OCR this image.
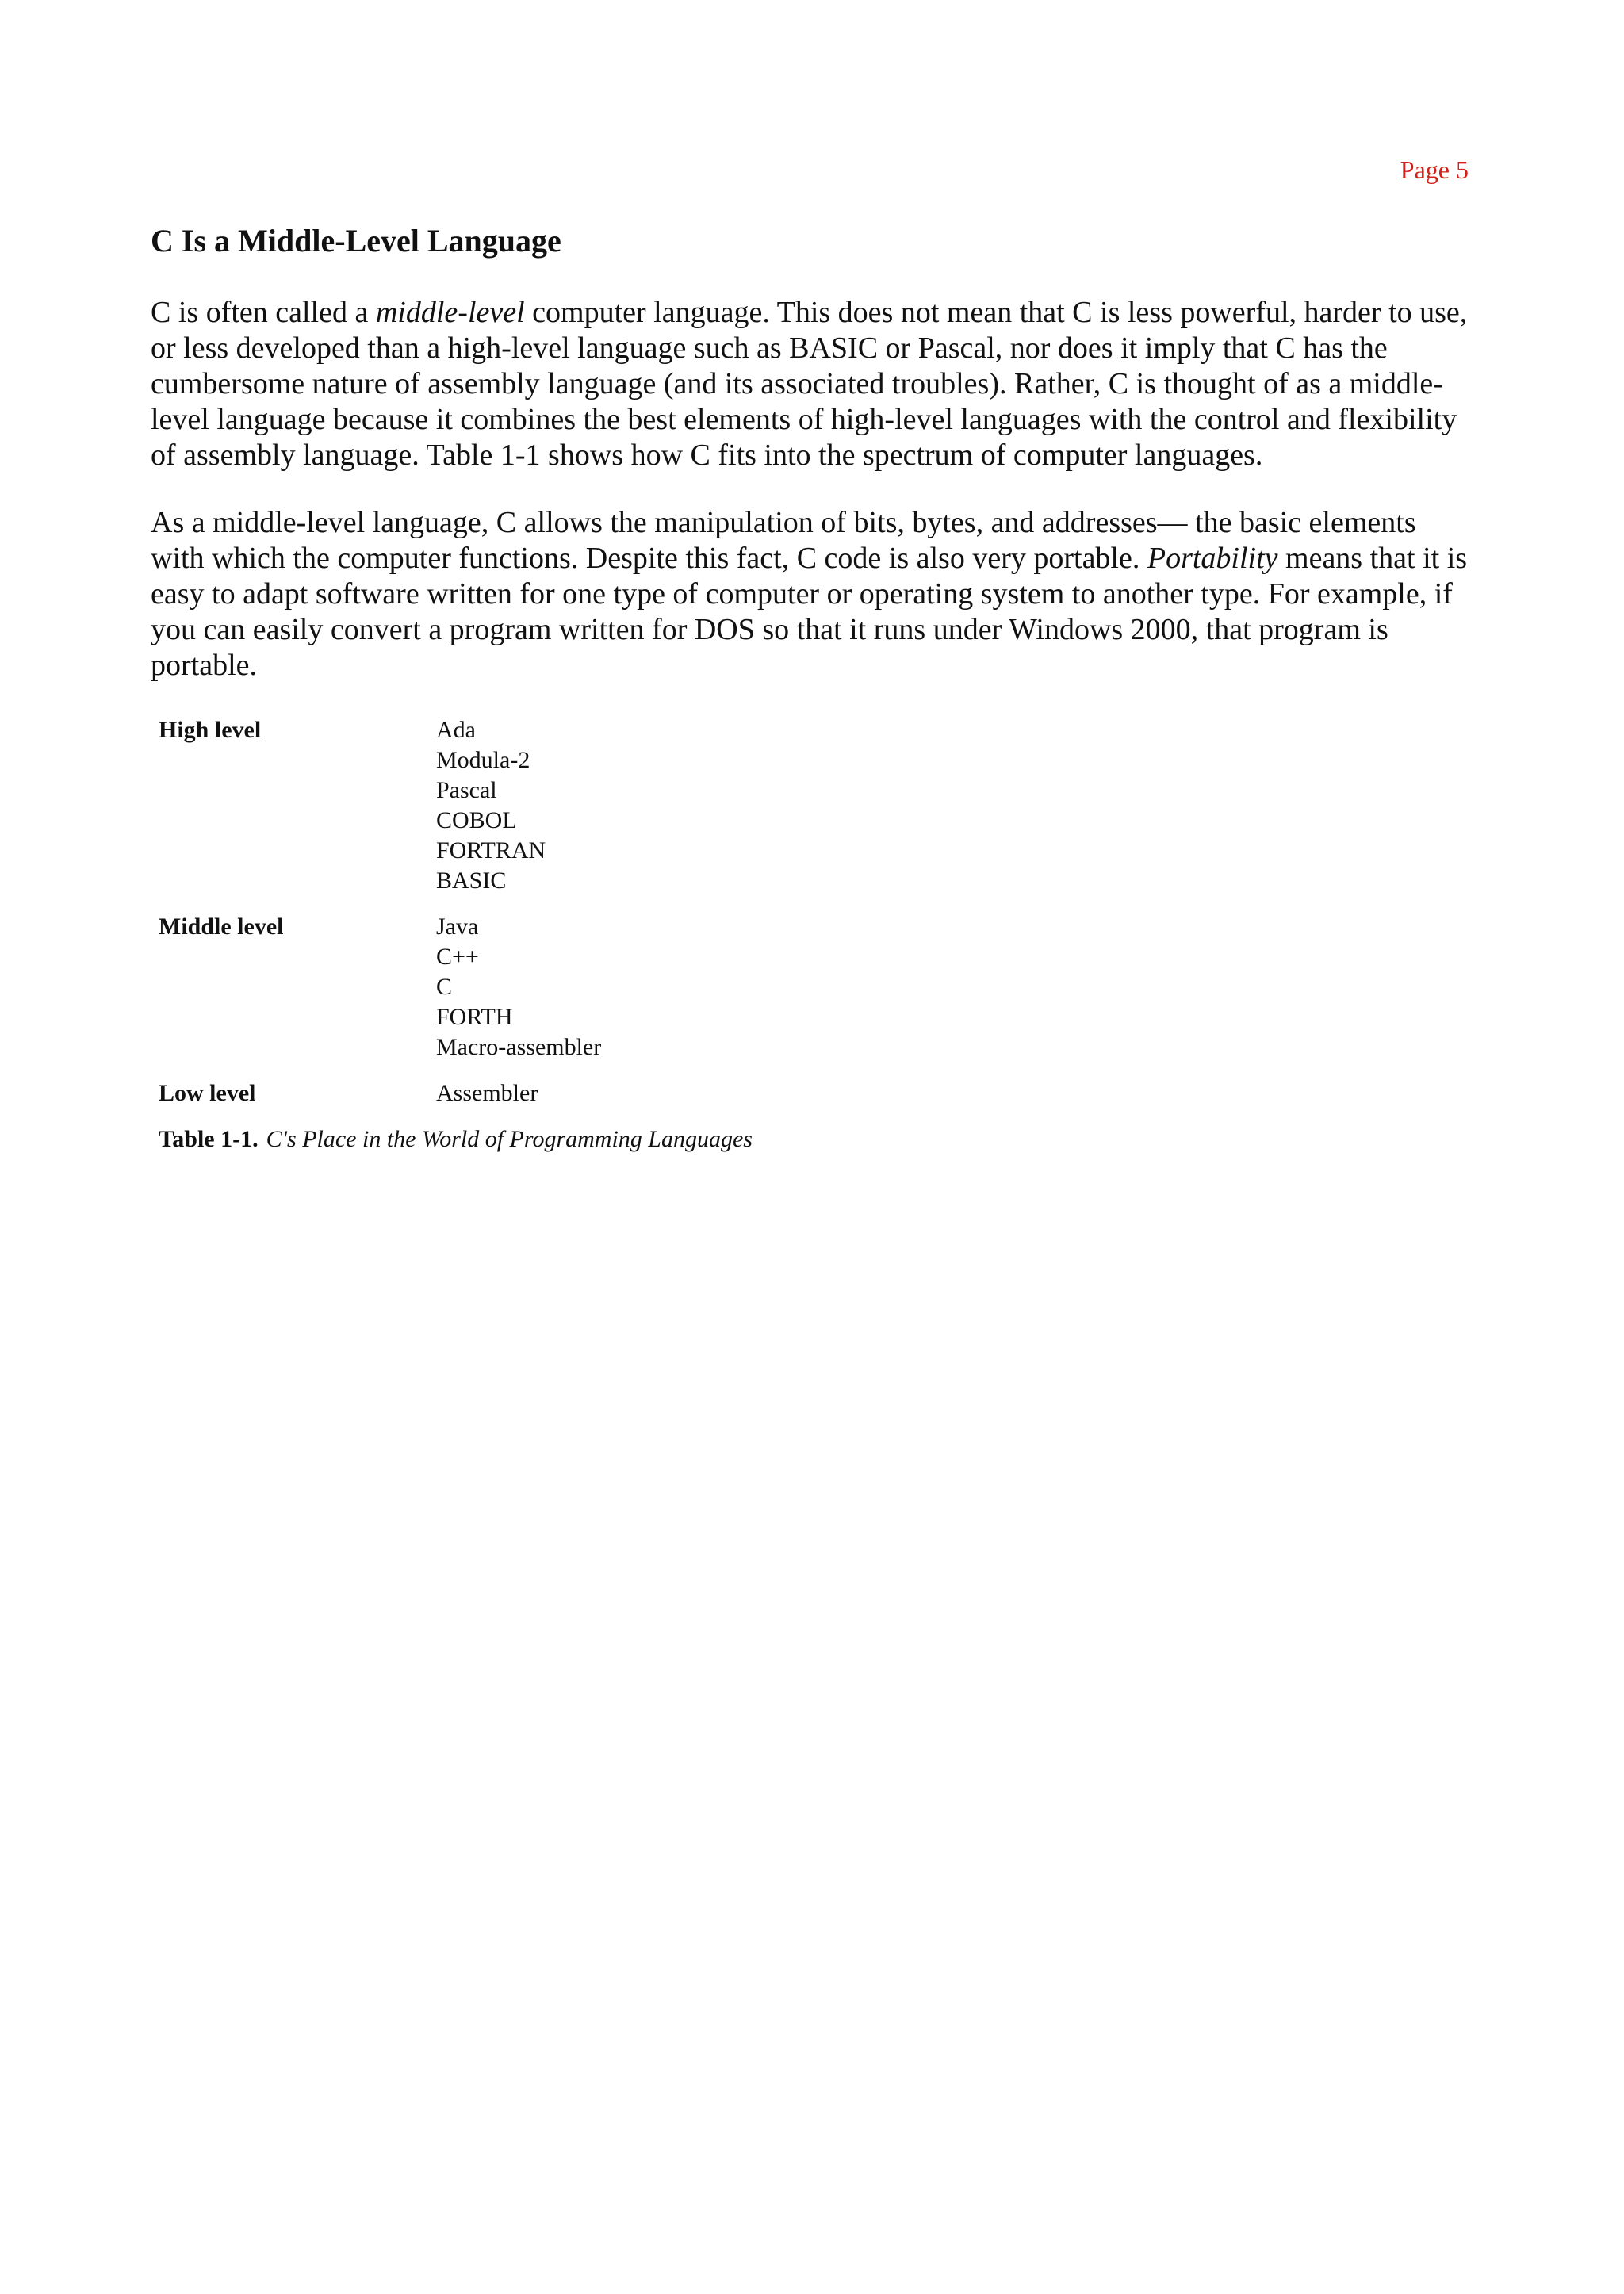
Page 5
C Is a Middle-Level Language

C is often called a middle-level computer language. This does not mean that C is less powerful, harder to use, or less developed than a high-level language such as BASIC or Pascal, nor does it imply that C has the cumbersome nature of assembly language (and its associated troubles). Rather, C is thought of as a middle-level language because it combines the best elements of high-level languages with the control and flexibility of assembly language. Table 1-1 shows how C fits into the spectrum of computer languages.

As a middle-level language, C allows the manipulation of bits, bytes, and addresses— the basic elements with which the computer functions. Despite this fact, C code is also very portable. Portability means that it is easy to adapt software written for one type of computer or operating system to another type. For example, if you can easily convert a program written for DOS so that it runs under Windows 2000, that program is portable.

High level	Ada
Modula-2
Pascal
COBOL
FORTRAN
BASIC
Middle level	Java
C++
C
FORTH
Macro-assembler
Low level	Assembler
Table 1-1. C's Place in the World of Programming Languages
